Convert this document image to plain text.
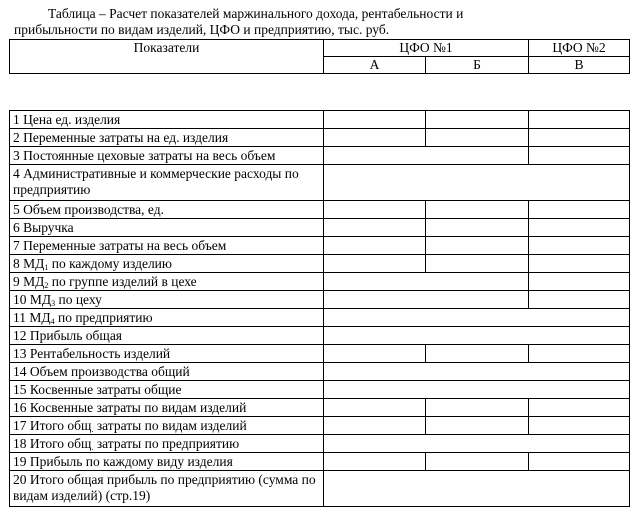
Таблица – Расчет показателей маржинального дохода, рентабельности и
прибыльности по видам изделий, ЦФО и предприятию, тыс. руб.

Показатели	ЦФО №1		ЦФО №2
	А	Б	В
1 Цена ед. изделия			
2 Переменные затраты на ед. изделия			
3 Постоянные цеховые затраты на весь объем			
4 Административные и коммерческие расходы по предприятию			
5 Объем производства, ед.			
6 Выручка			
7 Переменные затраты на весь объем			
8 $МД_1$ по каждому изделию			
9 $МД_2$ по группе изделий в цехе			
10 $МД_3$ по цеху			
11 $МД_4$ по предприятию			
12 Прибыль общая			
13 Рентабельность изделий			
14 Объем производства общий			
15 Косвенные затраты общие			
16 Косвенные затраты по видам изделий			
17 Итого общ$_.$ затраты по видам изделий			
18 Итого общ$_.$ затраты по предприятию			
19 Прибыль по каждому виду изделия			
20 Итого общая прибыль по предприятию (сумма по видам изделий) (стр.19)			
